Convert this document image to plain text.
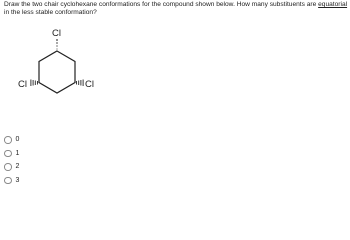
Draw the two chair cyclohexane conformations for the compound shown below. How many substituents are equatorial in the less stable conformation?

Cl
Cl	Cl
0
1
2
3
